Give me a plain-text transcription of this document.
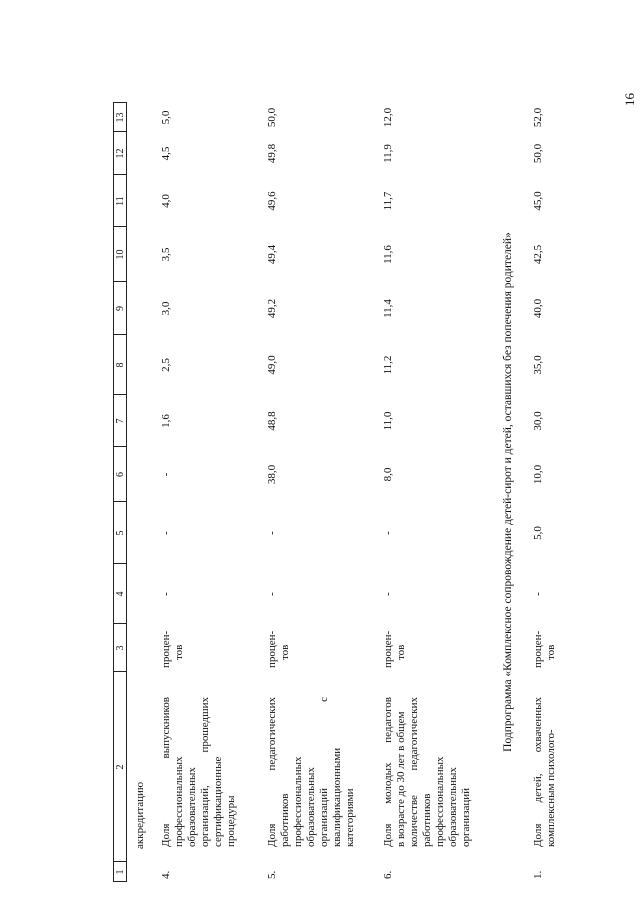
16
1
2
3
4
5
6
7
8
9
10
11
12
13
аккредитацию
4.
Доля выпускников профессиональных образовательных организаций, прошедших сертификационные процедуры
процен- тов
-
-
-
1,6
2,5
3,0
3,5
4,0
4,5
5,0
5.
Доля педагогических работников профессиональных образовательных организаций с квалификационными категориями
процен- тов
-
-
38,0
48,8
49,0
49,2
49,4
49,6
49,8
50,0
6.
Доля молодых педагогов в возрасте до 30 лет в общем количестве педагогических работников профессиональных образовательных организаций
процен- тов
-
-
8,0
11,0
11,2
11,4
11,6
11,7
11,9
12,0
Подпрограмма «Комплексное сопровождение детей-сирот и детей, оставшихся без попечения родителей»
1.
Доля детей, охваченных комплексным психолого-
процен- тов
-
5,0
10,0
30,0
35,0
40,0
42,5
45,0
50,0
52,0
